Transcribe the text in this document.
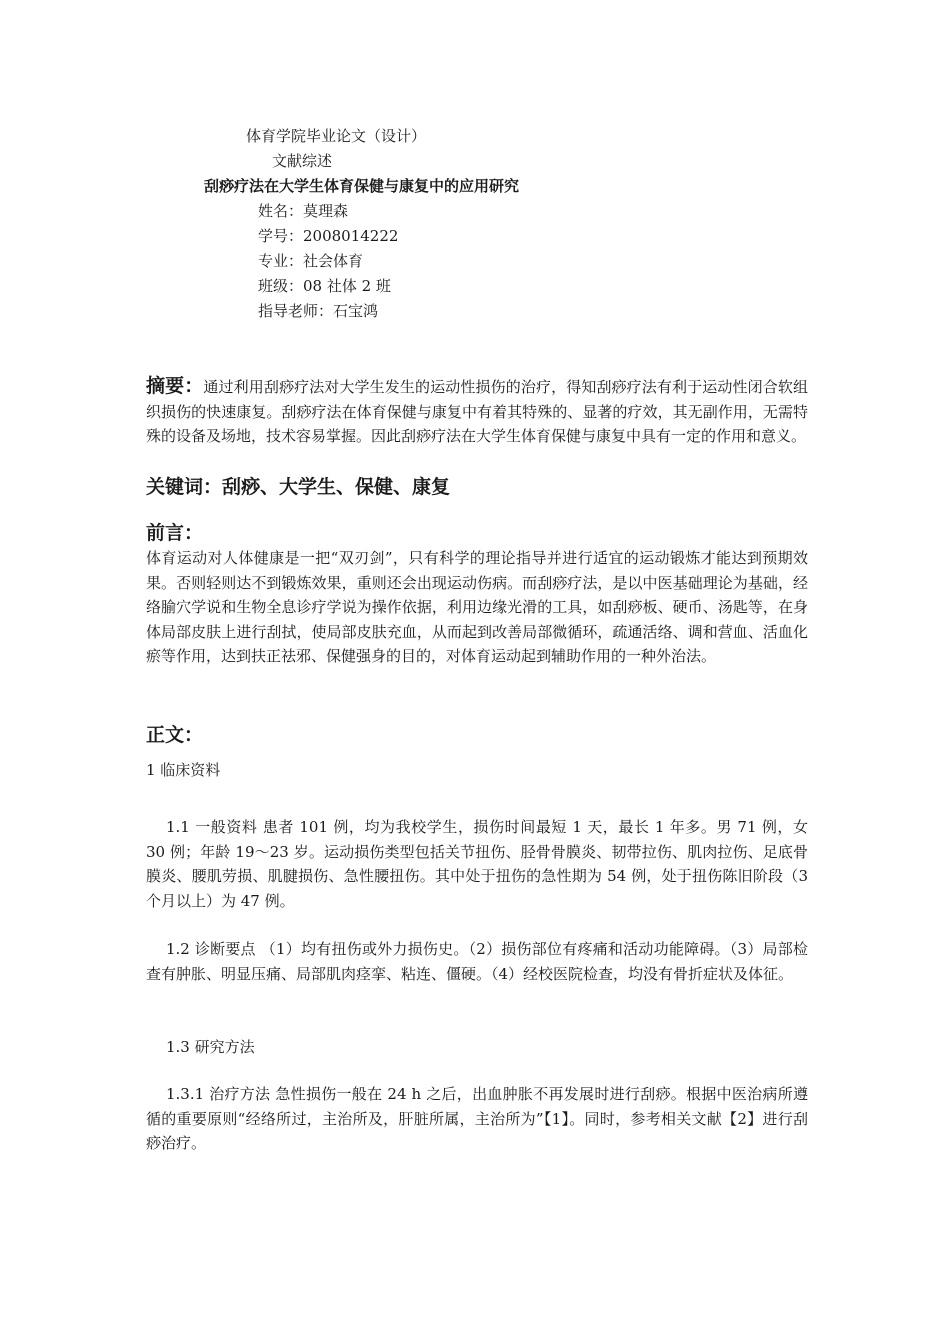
体育学院毕业论文（设计）
文献综述
刮痧疗法在大学生体育保健与康复中的应用研究
姓名：莫理森
学号：2008014222
专业：社会体育
班级：08 社体 2 班
指导老师：石宝鸿
摘要：通过利用刮痧疗法对大学生发生的运动性损伤的治疗，得知刮痧疗法有利于运动性闭合软组织损伤的快速康复。刮痧疗法在体育保健与康复中有着其特殊的、显著的疗效，其无副作用，无需特殊的设备及场地，技术容易掌握。因此刮痧疗法在大学生体育保健与康复中具有一定的作用和意义。
关键词：刮痧、大学生、保健、康复
前言：
体育运动对人体健康是一把“双刃剑”，只有科学的理论指导并进行适宜的运动锻炼才能达到预期效果。否则轻则达不到锻炼效果，重则还会出现运动伤病。而刮痧疗法，是以中医基础理论为基础，经络腧穴学说和生物全息诊疗学说为操作依据，利用边缘光滑的工具，如刮痧板、硬币、汤匙等，在身体局部皮肤上进行刮拭，使局部皮肤充血，从而起到改善局部微循环，疏通活络、调和营血、活血化瘀等作用，达到扶正祛邪、保健强身的目的，对体育运动起到辅助作用的一种外治法。
正文：
1 临床资料
1.1 一般资料 患者 101 例，均为我校学生，损伤时间最短 1 天，最长 1 年多。男 71 例，女 30 例；年龄 19～23 岁。运动损伤类型包括关节扭伤、胫骨骨膜炎、韧带拉伤、肌肉拉伤、足底骨膜炎、腰肌劳损、肌腱损伤、急性腰扭伤。其中处于扭伤的急性期为 54 例，处于扭伤陈旧阶段（3 个月以上）为 47 例。
1.2 诊断要点 （1）均有扭伤或外力损伤史。（2）损伤部位有疼痛和活动功能障碍。（3）局部检查有肿胀、明显压痛、局部肌肉痉挛、粘连、僵硬。（4）经校医院检查，均没有骨折症状及体征。
1.3 研究方法
1.3.1 治疗方法 急性损伤一般在 24 h 之后，出血肿胀不再发展时进行刮痧。根据中医治病所遵循的重要原则“经络所过，主治所及，肝脏所属，主治所为”【1】。同时，参考相关文献【2】进行刮痧治疗。
